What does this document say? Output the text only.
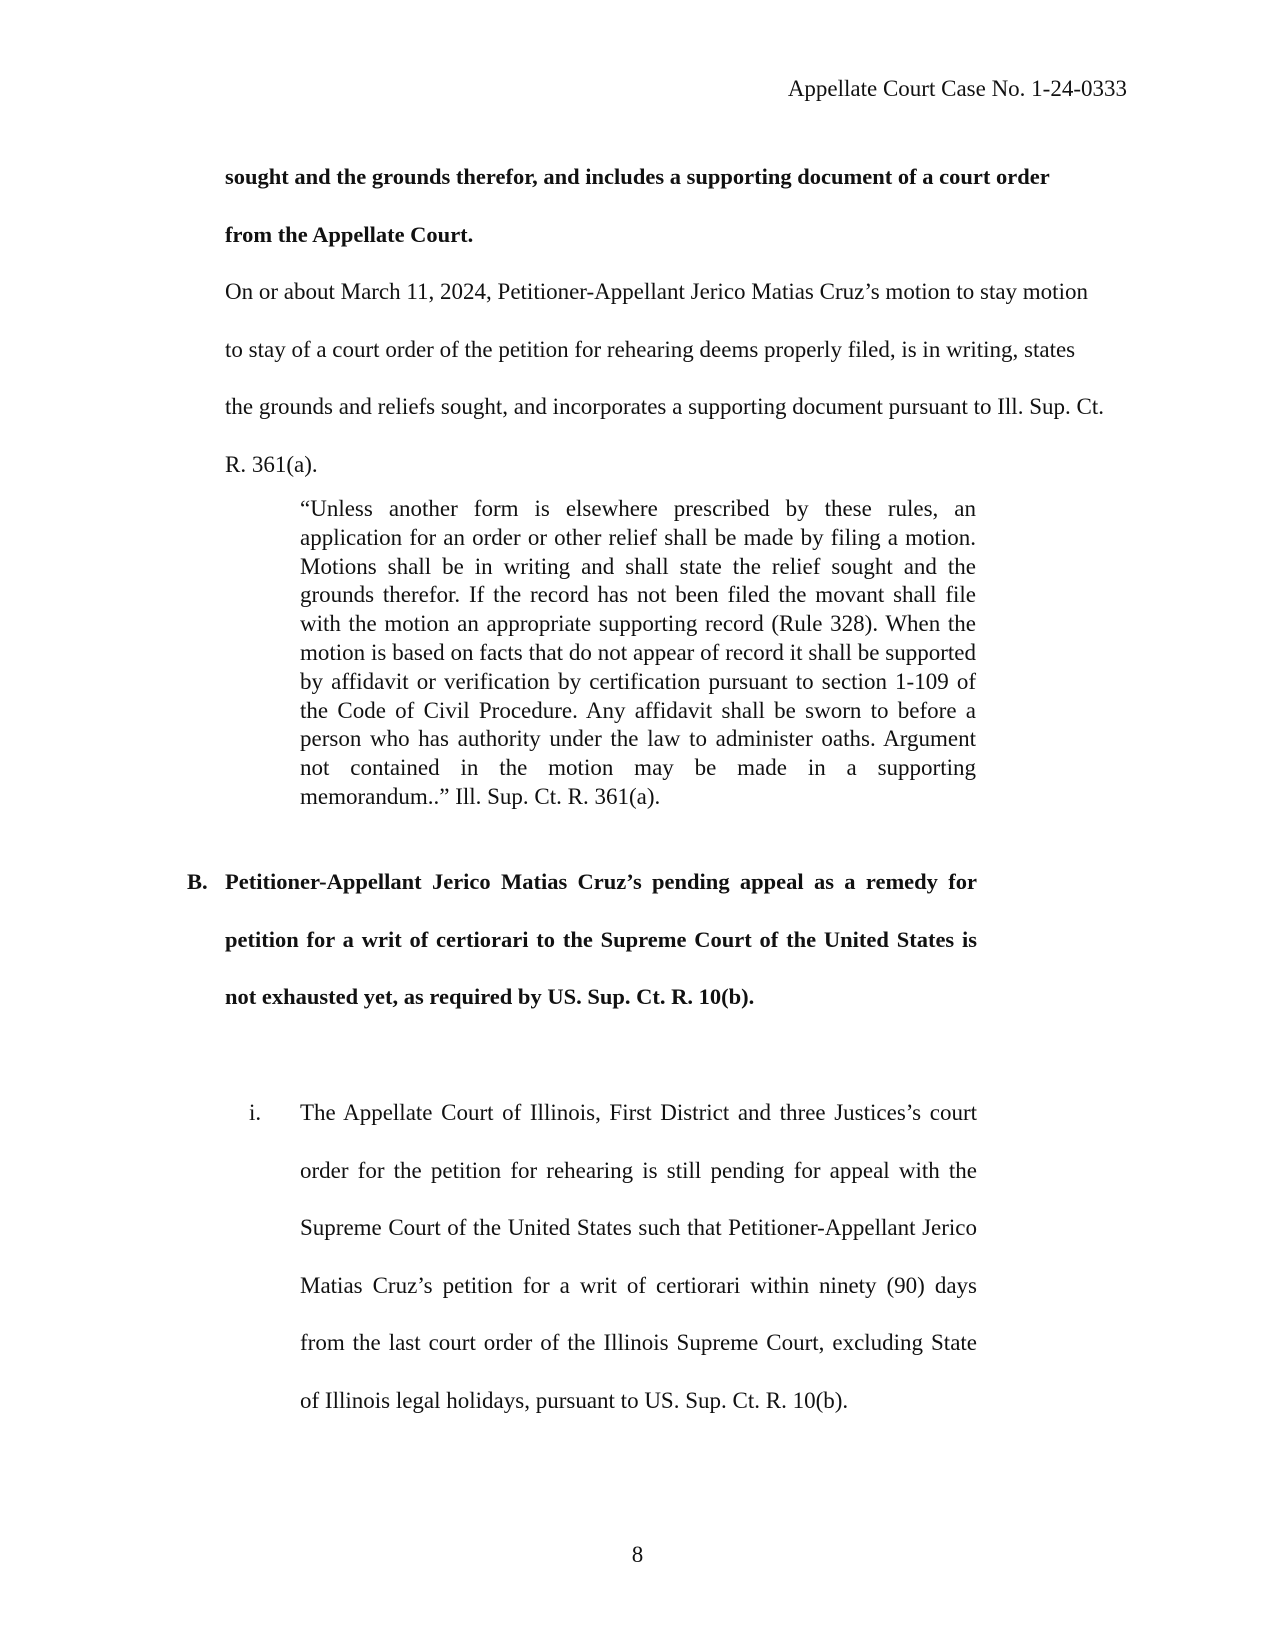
Appellate Court Case No. 1-24-0333
sought and the grounds therefor, and includes a supporting document of a court order from the Appellate Court.
On or about March 11, 2024, Petitioner-Appellant Jerico Matias Cruz’s motion to stay motion to stay of a court order of the petition for rehearing deems properly filed, is in writing, states the grounds and reliefs sought, and incorporates a supporting document pursuant to Ill. Sup. Ct. R. 361(a).
“Unless another form is elsewhere prescribed by these rules, an application for an order or other relief shall be made by filing a motion. Motions shall be in writing and shall state the relief sought and the grounds therefor. If the record has not been filed the movant shall file with the motion an appropriate supporting record (Rule 328). When the motion is based on facts that do not appear of record it shall be supported by affidavit or verification by certification pursuant to section 1-109 of the Code of Civil Procedure. Any affidavit shall be sworn to before a person who has authority under the law to administer oaths. Argument not contained in the motion may be made in a supporting memorandum..” Ill. Sup. Ct. R. 361(a).
B. Petitioner-Appellant Jerico Matias Cruz’s pending appeal as a remedy for petition for a writ of certiorari to the Supreme Court of the United States is not exhausted yet, as required by US. Sup. Ct. R. 10(b).
i. The Appellate Court of Illinois, First District and three Justices’s court order for the petition for rehearing is still pending for appeal with the Supreme Court of the United States such that Petitioner-Appellant Jerico Matias Cruz’s petition for a writ of certiorari within ninety (90) days from the last court order of the Illinois Supreme Court, excluding State of Illinois legal holidays, pursuant to US. Sup. Ct. R. 10(b).
8
